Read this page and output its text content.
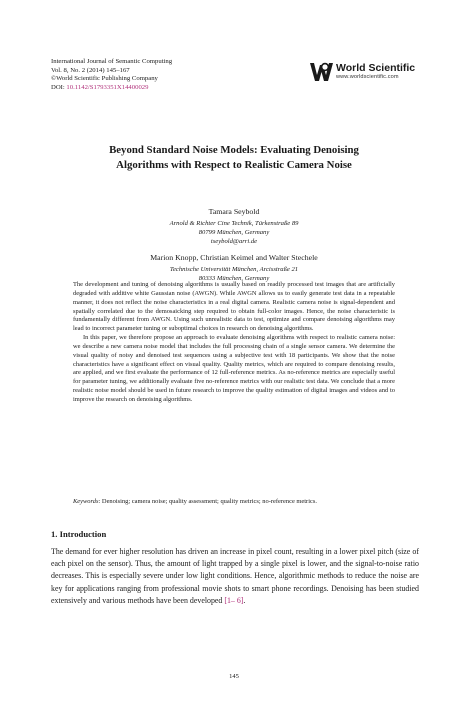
International Journal of Semantic Computing
Vol. 8, No. 2 (2014) 145–167
©World Scientific Publishing Company
DOI: 10.1142/S1793351X14400029
World Scientific
www.worldscientific.com
Beyond Standard Noise Models: Evaluating Denoising
Algorithms with Respect to Realistic Camera Noise
Tamara Seybold
Arnold & Richter Cine Technik, Türkenstraße 89
80799 München, Germany
tseybold@arri.de
Marion Knopp, Christian Keimel and Walter Stechele
Technische Universität München, Arcisstraße 21
80333 München, Germany

The development and tuning of denoising algorithms is usually based on readily processed test images that are artificially degraded with additive white Gaussian noise (AWGN). While AWGN allows us to easily generate test data in a repeatable manner, it does not reflect the noise characteristics in a real digital camera. Realistic camera noise is signal-dependent and spatially correlated due to the demosaicking step required to obtain full-color images. Hence, the noise characteristic is fundamentally different from AWGN. Using such unrealistic data to test, optimize and compare denoising algorithms may lead to incorrect parameter tuning or suboptimal choices in research on denoising algorithms.

In this paper, we therefore propose an approach to evaluate denoising algorithms with respect to realistic camera noise: we describe a new camera noise model that includes the full processing chain of a single sensor camera. We determine the visual quality of noisy and denoised test sequences using a subjective test with 18 participants. We show that the noise characteristics have a significant effect on visual quality. Quality metrics, which are required to compare denoising results, are applied, and we first evaluate the performance of 12 full-reference metrics. As no-reference metrics are especially useful for parameter tuning, we additionally evaluate five no-reference metrics with our realistic test data. We conclude that a more realistic noise model should be used in future research to improve the quality estimation of digital images and videos and to improve the research on denoising algorithms.

Keywords: Denoising; camera noise; quality assessment; quality metrics; no-reference metrics.
1. Introduction

The demand for ever higher resolution has driven an increase in pixel count, resulting in a lower pixel pitch (size of each pixel on the sensor). Thus, the amount of light trapped by a single pixel is lower, and the signal-to-noise ratio decreases. This is especially severe under low light conditions. Hence, algorithmic methods to reduce the noise are key for applications ranging from professional movie shots to smart phone recordings. Denoising has been studied extensively and various methods have been developed [1– 6].

145
